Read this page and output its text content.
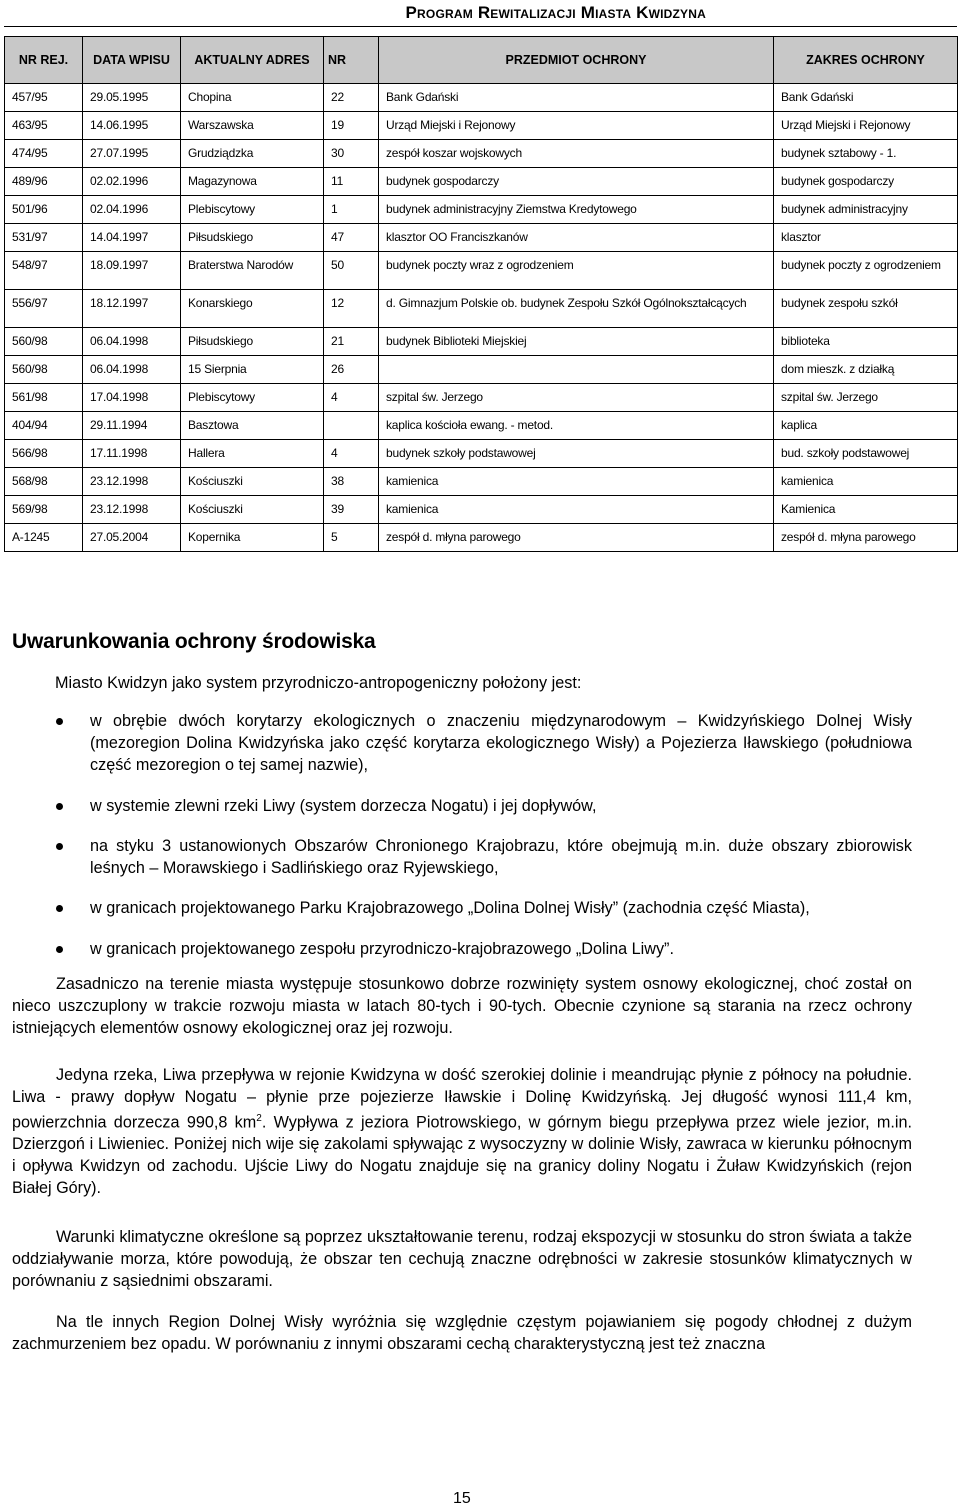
Program Rewitalizacji Miasta Kwidzyna
NR REJ.	DATA WPISU	AKTUALNY ADRES	NR	PRZEDMIOT OCHRONY	ZAKRES OCHRONY
457/95	29.05.1995	Chopina	22	Bank Gdański	Bank Gdański
463/95	14.06.1995	Warszawska	19	Urząd Miejski i Rejonowy	Urząd Miejski i Rejonowy
474/95	27.07.1995	Grudziądzka	30	zespół koszar wojskowych	budynek sztabowy - 1.
489/96	02.02.1996	Magazynowa	11	budynek gospodarczy	budynek gospodarczy
501/96	02.04.1996	Plebiscytowy	1	budynek administracyjny Ziemstwa Kredytowego	budynek administracyjny
531/97	14.04.1997	Piłsudskiego	47	klasztor OO Franciszkanów	klasztor
548/97	18.09.1997	Braterstwa Narodów	50	budynek poczty wraz z ogrodzeniem	budynek poczty z ogrodzeniem
556/97	18.12.1997	Konarskiego	12	d. Gimnazjum Polskie ob. budynek Zespołu Szkół Ogólnokształcących	budynek zespołu szkół
560/98	06.04.1998	Piłsudskiego	21	budynek Biblioteki Miejskiej	biblioteka
560/98	06.04.1998	15 Sierpnia	26		dom mieszk. z działką
561/98	17.04.1998	Plebiscytowy	4	szpital św. Jerzego	szpital św. Jerzego
404/94	29.11.1994	Basztowa		kaplica kościoła ewang. - metod.	kaplica
566/98	17.11.1998	Hallera	4	budynek szkoły podstawowej	bud. szkoły podstawowej
568/98	23.12.1998	Kościuszki	38	kamienica	kamienica
569/98	23.12.1998	Kościuszki	39	kamienica	Kamienica
A-1245	27.05.2004	Kopernika	5	zespół d. młyna parowego	zespół d. młyna parowego
Uwarunkowania ochrony środowiska
Miasto Kwidzyn jako system przyrodniczo-antropogeniczny położony jest:
w obrębie dwóch korytarzy ekologicznych o znaczeniu międzynarodowym – Kwidzyńskiego Dolnej Wisły (mezoregion Dolina Kwidzyńska jako część korytarza ekologicznego Wisły) a Pojezierza Iławskiego (południowa część mezoregion o tej samej nazwie),
w systemie zlewni rzeki Liwy (system dorzecza Nogatu) i jej dopływów,
na styku 3 ustanowionych Obszarów Chronionego Krajobrazu, które obejmują m.in. duże obszary zbiorowisk leśnych – Morawskiego i Sadlińskiego oraz Ryjewskiego,
w granicach projektowanego Parku Krajobrazowego „Dolina Dolnej Wisły” (zachodnia część Miasta),
w granicach projektowanego zespołu przyrodniczo-krajobrazowego „Dolina Liwy”.

Zasadniczo na terenie miasta występuje stosunkowo dobrze rozwinięty system osnowy ekologicznej, choć został on nieco uszczuplony w trakcie rozwoju miasta w latach 80-tych i 90-tych. Obecnie czynione są starania na rzecz ochrony istniejących elementów osnowy ekologicznej oraz jej rozwoju.

Jedyna rzeka, Liwa przepływa w rejonie Kwidzyna w dość szerokiej dolinie i meandrując płynie z północy na południe. Liwa - prawy dopływ Nogatu – płynie prze pojezierze Iławskie i Dolinę Kwidzyńską. Jej długość wynosi 111,4 km, powierzchnia dorzecza 990,8 $km^2$. Wypływa z jeziora Piotrowskiego, w górnym biegu przepływa przez wiele jezior, m.in. Dzierzgoń i Liwieniec. Poniżej nich wije się zakolami spływając z wysoczyzny w dolinie Wisły, zawraca w kierunku północnym i opływa Kwidzyn od zachodu. Ujście Liwy do Nogatu znajduje się na granicy doliny Nogatu i Żuław Kwidzyńskich (rejon Białej Góry).

Warunki klimatyczne określone są poprzez ukształtowanie terenu, rodzaj ekspozycji w stosunku do stron świata a także oddziaływanie morza, które powodują, że obszar ten cechują znaczne odrębności w zakresie stosunków klimatycznych w porównaniu z sąsiednimi obszarami.

Na tle innych Region Dolnej Wisły wyróżnia się względnie częstym pojawianiem się pogody chłodnej z dużym zachmurzeniem bez opadu. W porównaniu z innymi obszarami cechą charakterystyczną jest też znaczna

15
